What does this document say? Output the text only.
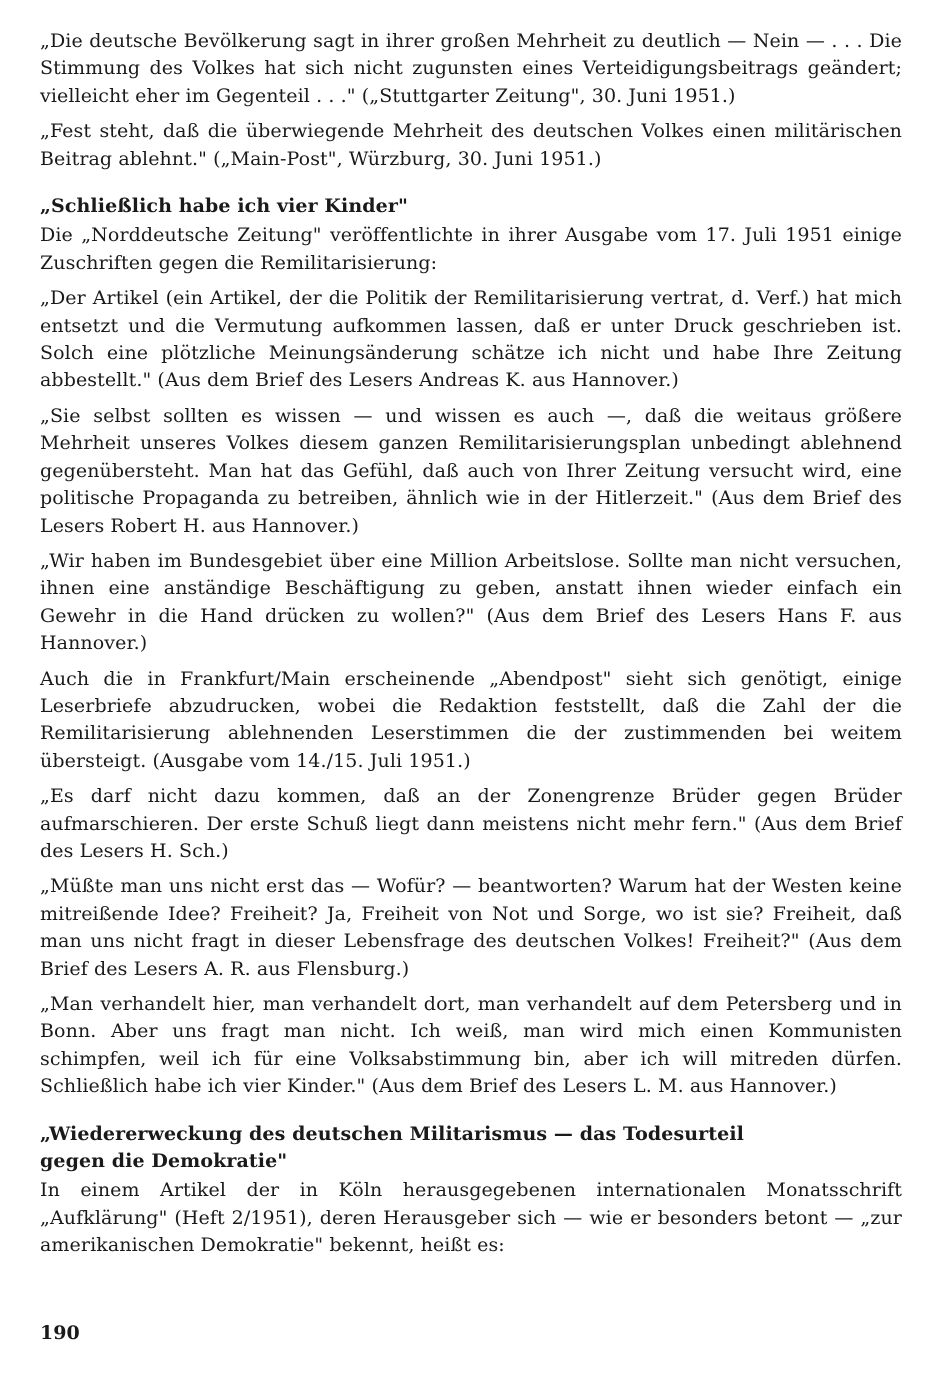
„Die deutsche Bevölkerung sagt in ihrer großen Mehrheit zu deutlich — Nein — . . . Die Stimmung des Volkes hat sich nicht zugunsten eines Verteidigungsbeitrags geändert; vielleicht eher im Gegenteil . . ." („Stuttgarter Zeitung", 30. Juni 1951.)

„Fest steht, daß die überwiegende Mehrheit des deutschen Volkes einen militärischen Beitrag ablehnt." („Main-Post", Würzburg, 30. Juni 1951.)

„Schließlich habe ich vier Kinder"

Die „Norddeutsche Zeitung" veröffentlichte in ihrer Ausgabe vom 17. Juli 1951 einige Zuschriften gegen die Remilitarisierung:

„Der Artikel (ein Artikel, der die Politik der Remilitarisierung vertrat, d. Verf.) hat mich entsetzt und die Vermutung aufkommen lassen, daß er unter Druck geschrieben ist. Solch eine plötzliche Meinungsänderung schätze ich nicht und habe Ihre Zeitung abbestellt." (Aus dem Brief des Lesers Andreas K. aus Hannover.)

„Sie selbst sollten es wissen — und wissen es auch —, daß die weitaus größere Mehrheit unseres Volkes diesem ganzen Remilitarisierungsplan unbedingt ablehnend gegenübersteht. Man hat das Gefühl, daß auch von Ihrer Zeitung versucht wird, eine politische Propaganda zu betreiben, ähnlich wie in der Hitlerzeit." (Aus dem Brief des Lesers Robert H. aus Hannover.)

„Wir haben im Bundesgebiet über eine Million Arbeitslose. Sollte man nicht versuchen, ihnen eine anständige Beschäftigung zu geben, anstatt ihnen wieder einfach ein Gewehr in die Hand drücken zu wollen?" (Aus dem Brief des Lesers Hans F. aus Hannover.)

Auch die in Frankfurt/Main erscheinende „Abendpost" sieht sich genötigt, einige Leserbriefe abzudrucken, wobei die Redaktion feststellt, daß die Zahl der die Remilitarisierung ablehnenden Leserstimmen die der zustimmenden bei weitem übersteigt. (Ausgabe vom 14./15. Juli 1951.)

„Es darf nicht dazu kommen, daß an der Zonengrenze Brüder gegen Brüder aufmarschieren. Der erste Schuß liegt dann meistens nicht mehr fern." (Aus dem Brief des Lesers H. Sch.)

„Müßte man uns nicht erst das — Wofür? — beantworten? Warum hat der Westen keine mitreißende Idee? Freiheit? Ja, Freiheit von Not und Sorge, wo ist sie? Freiheit, daß man uns nicht fragt in dieser Lebensfrage des deutschen Volkes! Freiheit?" (Aus dem Brief des Lesers A. R. aus Flensburg.)

„Man verhandelt hier, man verhandelt dort, man verhandelt auf dem Petersberg und in Bonn. Aber uns fragt man nicht. Ich weiß, man wird mich einen Kommunisten schimpfen, weil ich für eine Volksabstimmung bin, aber ich will mitreden dürfen. Schließlich habe ich vier Kinder." (Aus dem Brief des Lesers L. M. aus Hannover.)

„Wiedererweckung des deutschen Militarismus — das Todesurteil
gegen die Demokratie"

In einem Artikel der in Köln herausgegebenen internationalen Monatsschrift „Aufklärung" (Heft 2/1951), deren Herausgeber sich — wie er besonders betont — „zur amerikanischen Demokratie" bekennt, heißt es:

190
